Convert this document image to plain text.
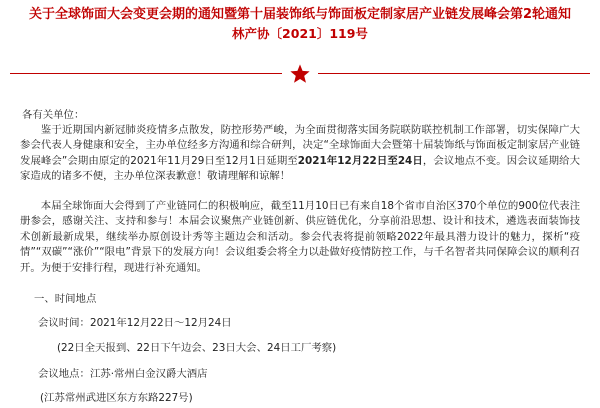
关于全球饰面大会变更会期的通知暨第十届装饰纸与饰面板定制家居产业链发展峰会第2轮通知
林产协〔2021〕119号
各有关单位：
鉴于近期国内新冠肺炎疫情多点散发，防控形势严峻，为全面贯彻落实国务院联防联控机制工作部署，切实保障广大参会代表人身健康和安全，主办单位经多方沟通和综合研判，决定“全球饰面大会暨第十届装饰纸与饰面板定制家居产业链发展峰会”会期由原定的2021年11月29日至12月1日延期至2021年12月22日至24日，会议地点不变。因会议延期给大家造成的诸多不便，主办单位深表歉意！敬请理解和谅解！
本届全球饰面大会得到了产业链同仁的积极响应，截至11月10日已有来自18个省市自治区370个单位的900位代表注册参会，感谢关注、支持和参与！本届会议聚焦产业链创新、供应链优化，分享前沿思想、设计和技术，遴选表面装饰技术创新最新成果，继续举办原创设计秀等主题边会和活动。参会代表将提前领略2022年最具潜力设计的魅力，探析“疫情”“双碳”“涨价”“限电”背景下的发展方向！会议组委会将全力以赴做好疫情防控工作，与千名智者共同保障会议的顺利召开。为便于安排行程，现进行补充通知。
一、时间地点
会议时间：2021年12月22日～12月24日
(22日全天报到、22日下午边会、23日大会、24日工厂考察)
会议地点：江苏·常州白金汉爵大酒店
(江苏常州武进区东方东路227号)
